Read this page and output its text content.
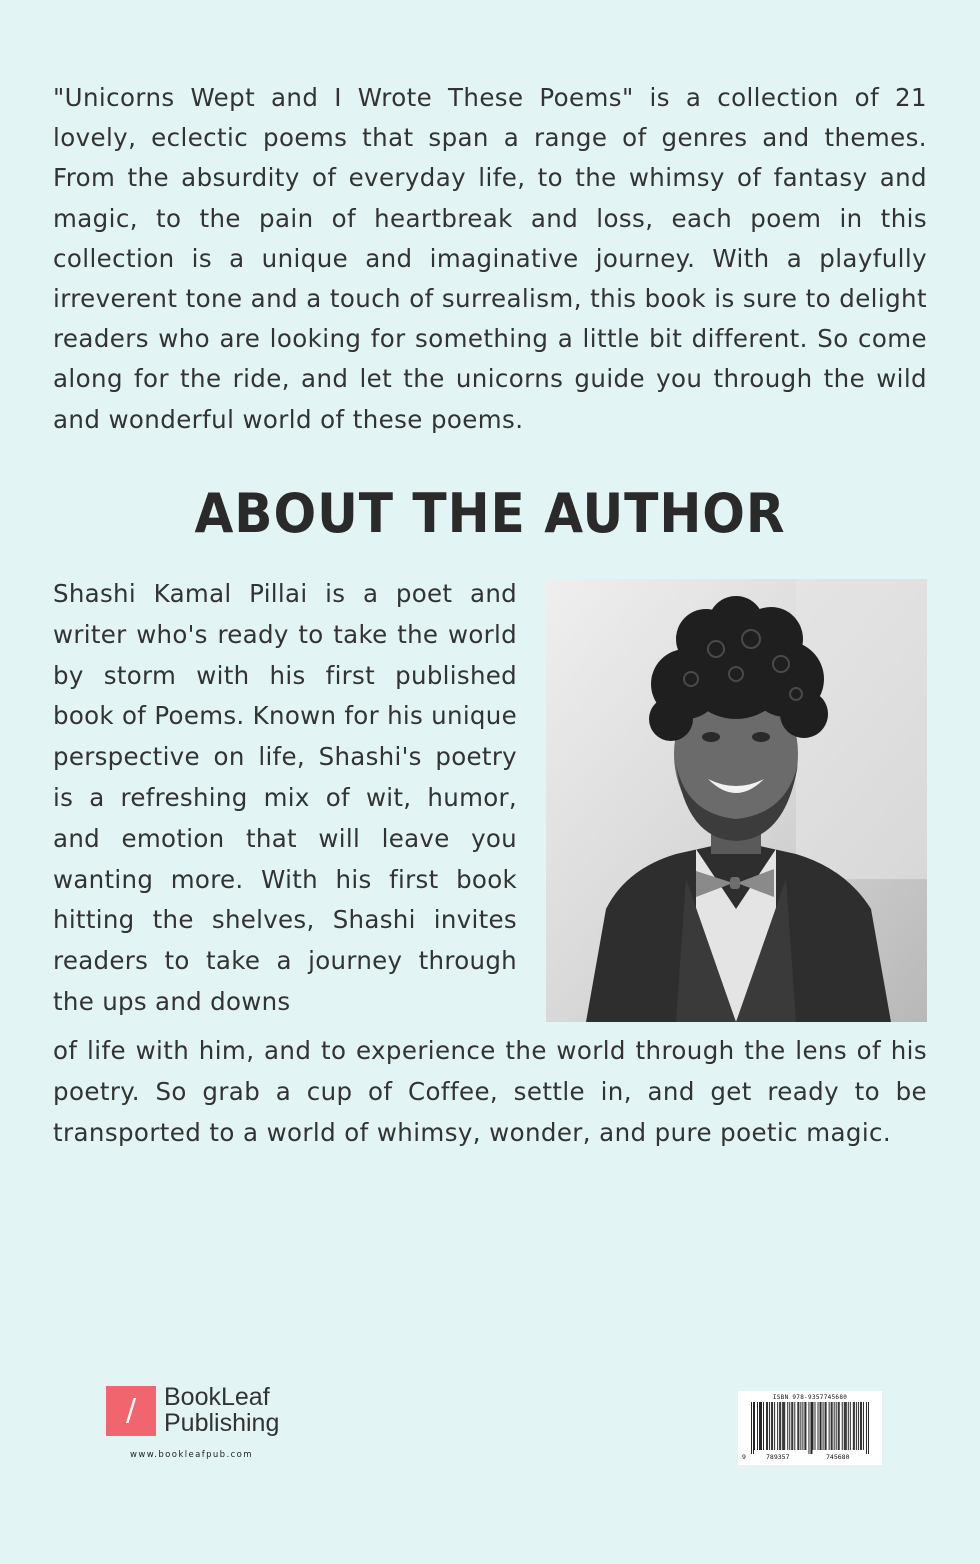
"Unicorns Wept and I Wrote These Poems" is a collection of 21 lovely, eclectic poems that span a range of genres and themes. From the absurdity of everyday life, to the whimsy of fantasy and magic, to the pain of heartbreak and loss, each poem in this collection is a unique and imaginative journey. With a playfully irreverent tone and a touch of surrealism, this book is sure to delight readers who are looking for something a little bit different. So come along for the ride, and let the unicorns guide you through the wild and wonderful world of these poems.

ABOUT THE AUTHOR

Shashi Kamal Pillai is a poet and writer who's ready to take the world by storm with his first published book of Poems. Known for his unique perspective on life, Shashi's poetry is a refreshing mix of wit, humor, and emotion that will leave you wanting more. With his first book hitting the shelves, Shashi invites readers to take a journey through the ups and downs

of life with him, and to experience the world through the lens of his poetry. So grab a cup of Coffee, settle in, and get ready to be transported to a world of whimsy, wonder, and pure poetic magic.

/	BookLeaf
Publishing
www.bookleafpub.com
ISBN 978-9357745680
9	789357	745680
